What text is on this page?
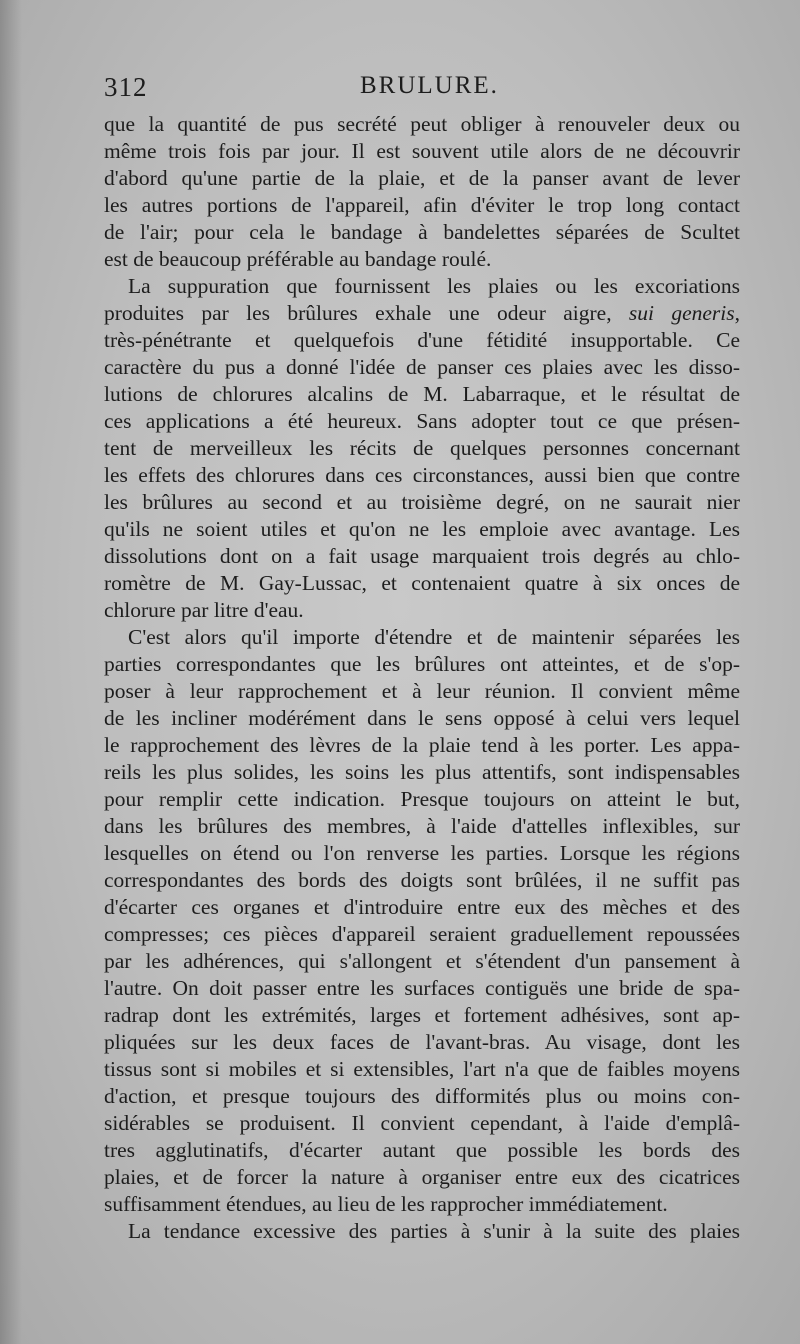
312	BRULURE.

que la quantité de pus secrété peut obliger à renouveler deux ou
même trois fois par jour. Il est souvent utile alors de ne découvrir
d'abord qu'une partie de la plaie, et de la panser avant de lever
les autres portions de l'appareil, afin d'éviter le trop long contact
de l'air; pour cela le bandage à bandelettes séparées de Scultet
est de beaucoup préférable au bandage roulé.

La suppuration que fournissent les plaies ou les excoriations
produites par les brûlures exhale une odeur aigre, sui generis,
très-pénétrante et quelquefois d'une fétidité insupportable. Ce
caractère du pus a donné l'idée de panser ces plaies avec les disso-
lutions de chlorures alcalins de M. Labarraque, et le résultat de
ces applications a été heureux. Sans adopter tout ce que présen-
tent de merveilleux les récits de quelques personnes concernant
les effets des chlorures dans ces circonstances, aussi bien que contre
les brûlures au second et au troisième degré, on ne saurait nier
qu'ils ne soient utiles et qu'on ne les emploie avec avantage. Les
dissolutions dont on a fait usage marquaient trois degrés au chlo-
romètre de M. Gay-Lussac, et contenaient quatre à six onces de
chlorure par litre d'eau.

C'est alors qu'il importe d'étendre et de maintenir séparées les
parties correspondantes que les brûlures ont atteintes, et de s'op-
poser à leur rapprochement et à leur réunion. Il convient même
de les incliner modérément dans le sens opposé à celui vers lequel
le rapprochement des lèvres de la plaie tend à les porter. Les appa-
reils les plus solides, les soins les plus attentifs, sont indispensables
pour remplir cette indication. Presque toujours on atteint le but,
dans les brûlures des membres, à l'aide d'attelles inflexibles, sur
lesquelles on étend ou l'on renverse les parties. Lorsque les régions
correspondantes des bords des doigts sont brûlées, il ne suffit pas
d'écarter ces organes et d'introduire entre eux des mèches et des
compresses; ces pièces d'appareil seraient graduellement repoussées
par les adhérences, qui s'allongent et s'étendent d'un pansement à
l'autre. On doit passer entre les surfaces contiguës une bride de spa-
radrap dont les extrémités, larges et fortement adhésives, sont ap-
pliquées sur les deux faces de l'avant-bras. Au visage, dont les
tissus sont si mobiles et si extensibles, l'art n'a que de faibles moyens
d'action, et presque toujours des difformités plus ou moins con-
sidérables se produisent. Il convient cependant, à l'aide d'emplâ-
tres agglutinatifs, d'écarter autant que possible les bords des
plaies, et de forcer la nature à organiser entre eux des cicatrices
suffisamment étendues, au lieu de les rapprocher immédiatement.

La tendance excessive des parties à s'unir à la suite des plaies
